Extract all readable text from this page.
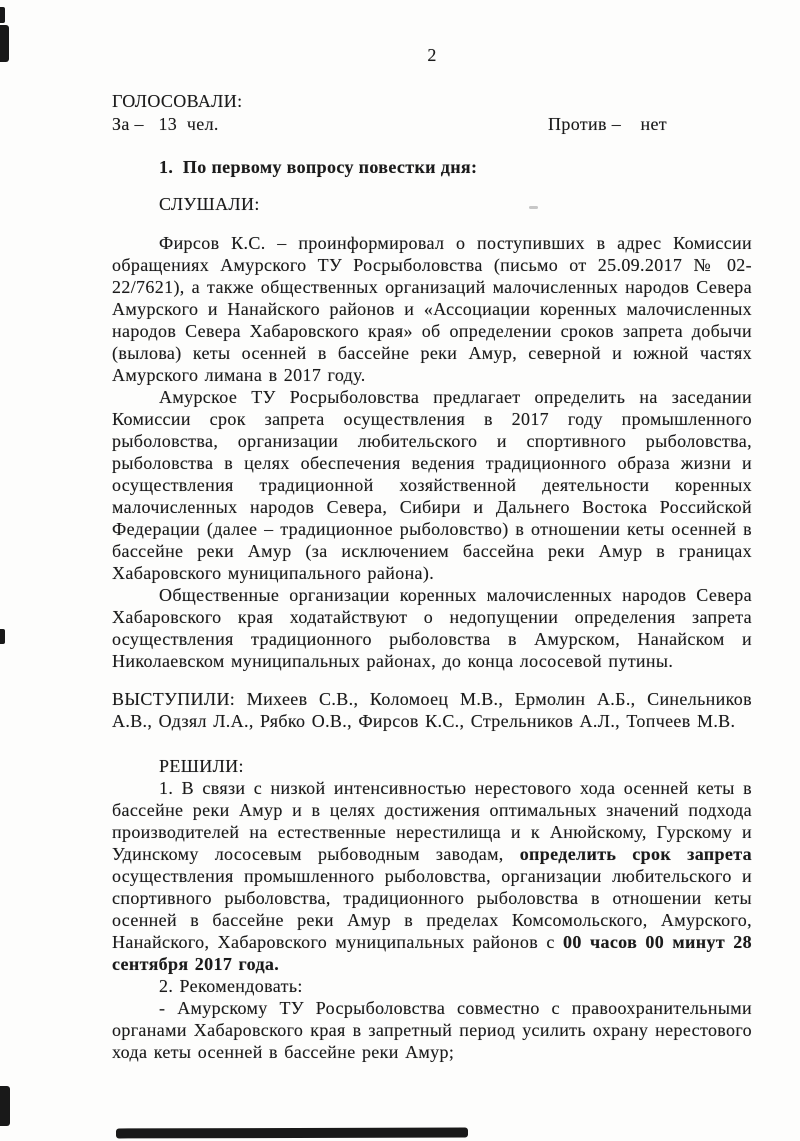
2
ГОЛОСОВАЛИ:
За –   13  чел.	Против –    нет
1.  По первому вопросу повестки дня:
СЛУШАЛИ:

Фирсов К.С. – проинформировал о поступивших в адрес Комиссии обращениях Амурского ТУ Росрыболовства (письмо от 25.09.2017 № 02-22/7621), а также общественных организаций малочисленных народов Севера Амурского и Нанайского районов и «Ассоциации коренных малочисленных народов Севера Хабаровского края» об определении сроков запрета добычи (вылова) кеты осенней в бассейне реки Амур, северной и южной частях Амурского лимана в 2017 году.

Амурское ТУ Росрыболовства предлагает определить на заседании Комиссии срок запрета осуществления в 2017 году промышленного рыболовства, организации любительского и спортивного рыболовства, рыболовства в целях обеспечения ведения традиционного образа жизни и осуществления традиционной хозяйственной деятельности коренных малочисленных народов Севера, Сибири и Дальнего Востока Российской Федерации (далее – традиционное рыболовство) в отношении кеты осенней в бассейне реки Амур (за исключением бассейна реки Амур в границах Хабаровского муниципального района).

Общественные организации коренных малочисленных народов Севера Хабаровского края ходатайствуют о недопущении определения запрета осуществления традиционного рыболовства в Амурском, Нанайском и Николаевском муниципальных районах, до конца лососевой путины.

ВЫСТУПИЛИ: Михеев С.В., Коломоец М.В., Ермолин А.Б., Синельников А.В., Одзял Л.А., Рябко О.В., Фирсов К.С., Стрельников А.Л., Топчеев М.В.
РЕШИЛИ:

1. В связи с низкой интенсивностью нерестового хода осенней кеты в бассейне реки Амур и в целях достижения оптимальных значений подхода производителей на естественные нерестилища и к Анюйскому, Гурскому и Удинскому лососевым рыбоводным заводам, определить срок запрета осуществления промышленного рыболовства, организации любительского и спортивного рыболовства, традиционного рыболовства в отношении кеты осенней в бассейне реки Амур в пределах Комсомольского, Амурского, Нанайского, Хабаровского муниципальных районов с 00 часов 00 минут 28 сентября 2017 года.

2. Рекомендовать:

- Амурскому ТУ Росрыболовства совместно с правоохранительными органами Хабаровского края в запретный период усилить охрану нерестового хода кеты осенней в бассейне реки Амур;
